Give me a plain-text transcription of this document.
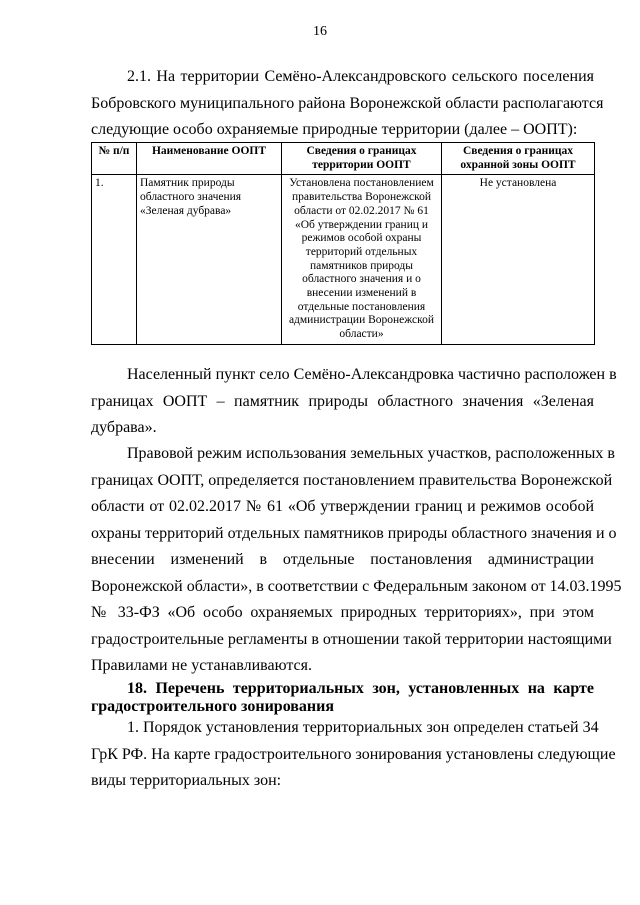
16

2.1. На территории Семёно-Александровского сельского поселения
Бобровского муниципального района Воронежской области располагаются
следующие особо охраняемые природные территории (далее – ООПТ):

№ п/п	Наименование ООПТ	Сведения о границах территории ООПТ	Сведения о границах охранной зоны ООПТ
1.	Памятник природы областного значения «Зеленая дубрава»	Установлена постановлением правительства Воронежской области от 02.02.2017 № 61 «Об утверждении границ и режимов особой охраны территорий отдельных памятников природы областного значения и о внесении изменений в отдельные постановления администрации Воронежской области»	Не установлена

Населенный пункт село Семёно-Александровка частично расположен в
границах ООПТ – памятник природы областного значения «Зеленая
дубрава».

Правовой режим использования земельных участков, расположенных в
границах ООПТ, определяется постановлением правительства Воронежской
области от 02.02.2017 № 61 «Об утверждении границ и режимов особой
охраны территорий отдельных памятников природы областного значения и о
внесении изменений в отдельные постановления администрации
Воронежской области», в соответствии с Федеральным законом от 14.03.1995
№ 33-ФЗ «Об особо охраняемых природных территориях», при этом
градостроительные регламенты в отношении такой территории настоящими
Правилами не устанавливаются.

18. Перечень территориальных зон, установленных на карте
градостроительного зонирования

1. Порядок установления территориальных зон определен статьей 34
ГрК РФ. На карте градостроительного зонирования установлены следующие
виды территориальных зон:
